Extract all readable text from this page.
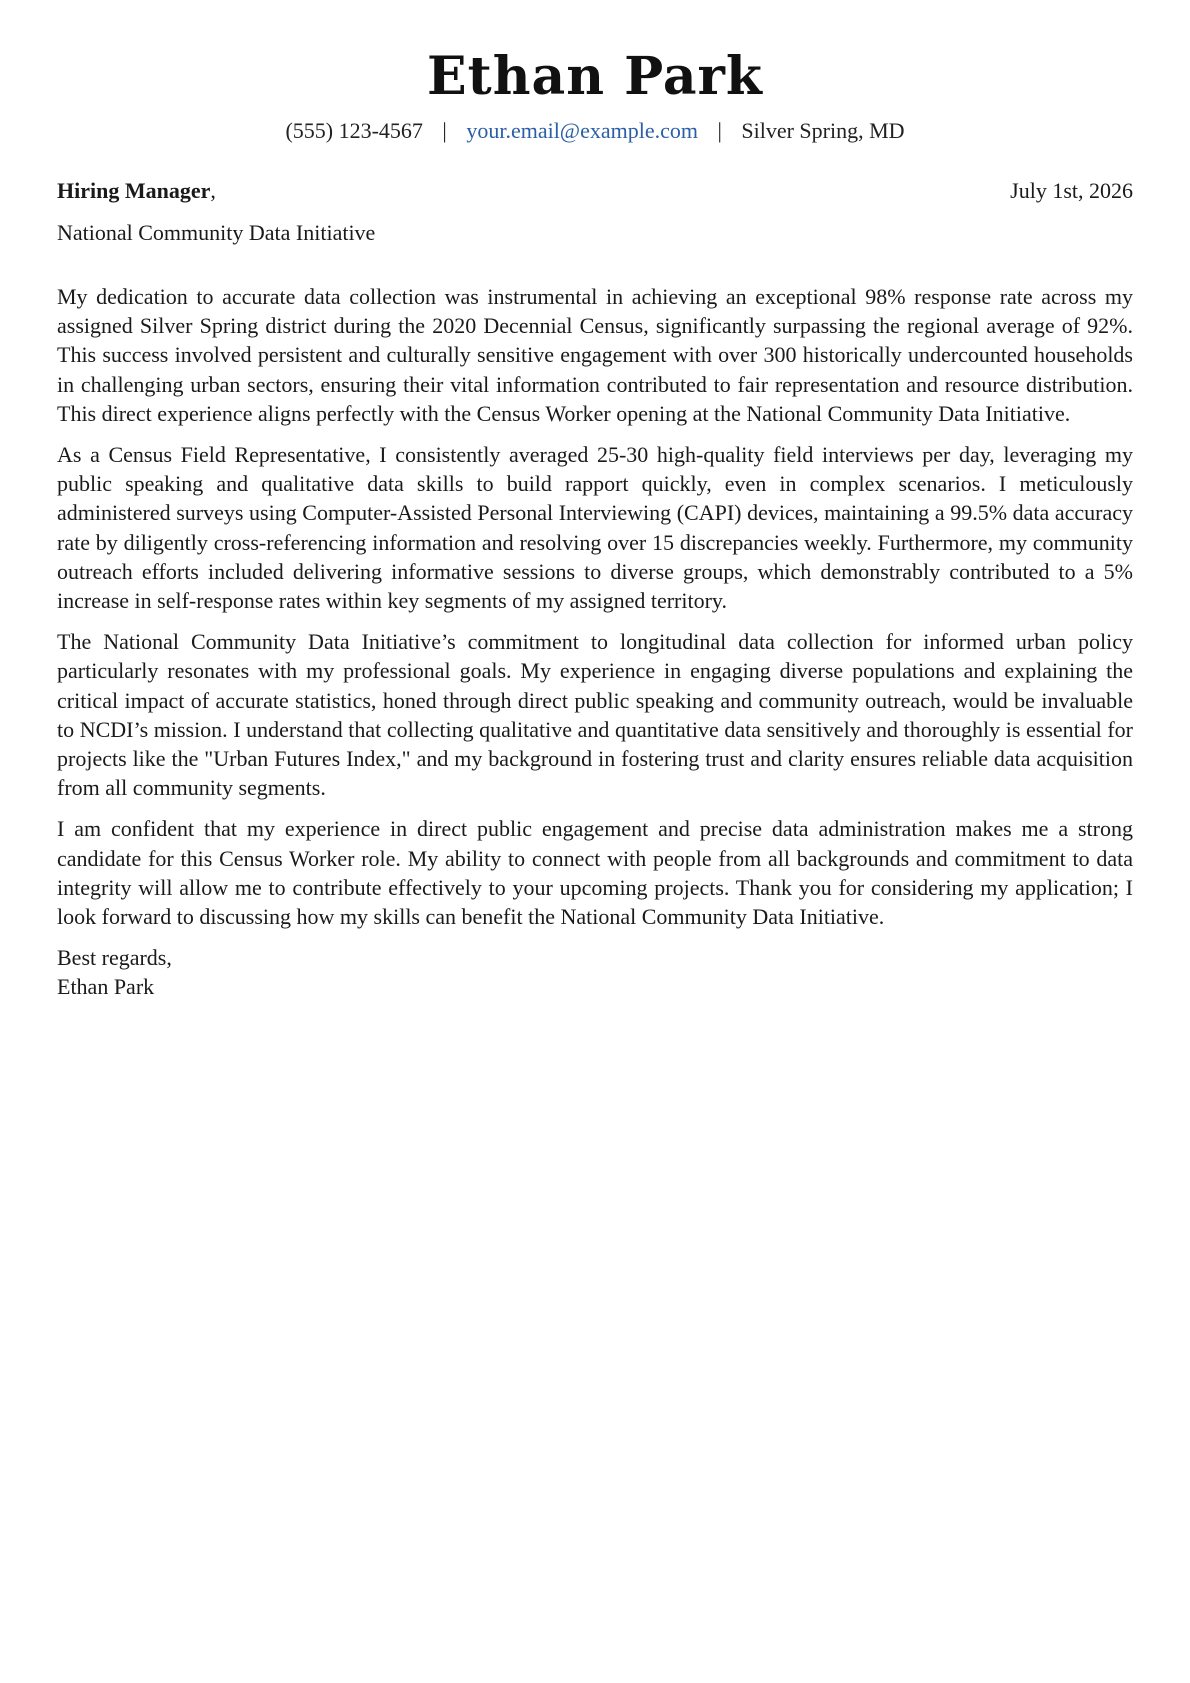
Ethan Park
(555) 123-4567 | your.email@example.com | Silver Spring, MD
Hiring Manager,	July 1st, 2026
National Community Data Initiative

My dedication to accurate data collection was instrumental in achieving an exceptional 98% response rate across my assigned Silver Spring district during the 2020 Decennial Census, significantly surpassing the regional average of 92%. This success involved persistent and culturally sensitive engagement with over 300 historically undercounted households in challenging urban sectors, ensuring their vital information contributed to fair representation and resource distribution. This direct experience aligns perfectly with the Census Worker opening at the National Community Data Initiative.

As a Census Field Representative, I consistently averaged 25-30 high-quality field interviews per day, leveraging my public speaking and qualitative data skills to build rapport quickly, even in complex scenarios. I meticulously administered surveys using Computer-Assisted Personal Interviewing (CAPI) devices, maintaining a 99.5% data accuracy rate by diligently cross-referencing information and resolving over 15 discrepancies weekly. Furthermore, my community outreach efforts included delivering informative sessions to diverse groups, which demonstrably contributed to a 5% increase in self-response rates within key segments of my assigned territory.

The National Community Data Initiative’s commitment to longitudinal data collection for informed urban policy particularly resonates with my professional goals. My experience in engaging diverse populations and explaining the critical impact of accurate statistics, honed through direct public speaking and community outreach, would be invaluable to NCDI’s mission. I understand that collecting qualitative and quantitative data sensitively and thoroughly is essential for projects like the "Urban Futures Index," and my background in fostering trust and clarity ensures reliable data acquisition from all community segments.

I am confident that my experience in direct public engagement and precise data administration makes me a strong candidate for this Census Worker role. My ability to connect with people from all backgrounds and commitment to data integrity will allow me to contribute effectively to your upcoming projects. Thank you for considering my application; I look forward to discussing how my skills can benefit the National Community Data Initiative.

Best regards,
Ethan Park
